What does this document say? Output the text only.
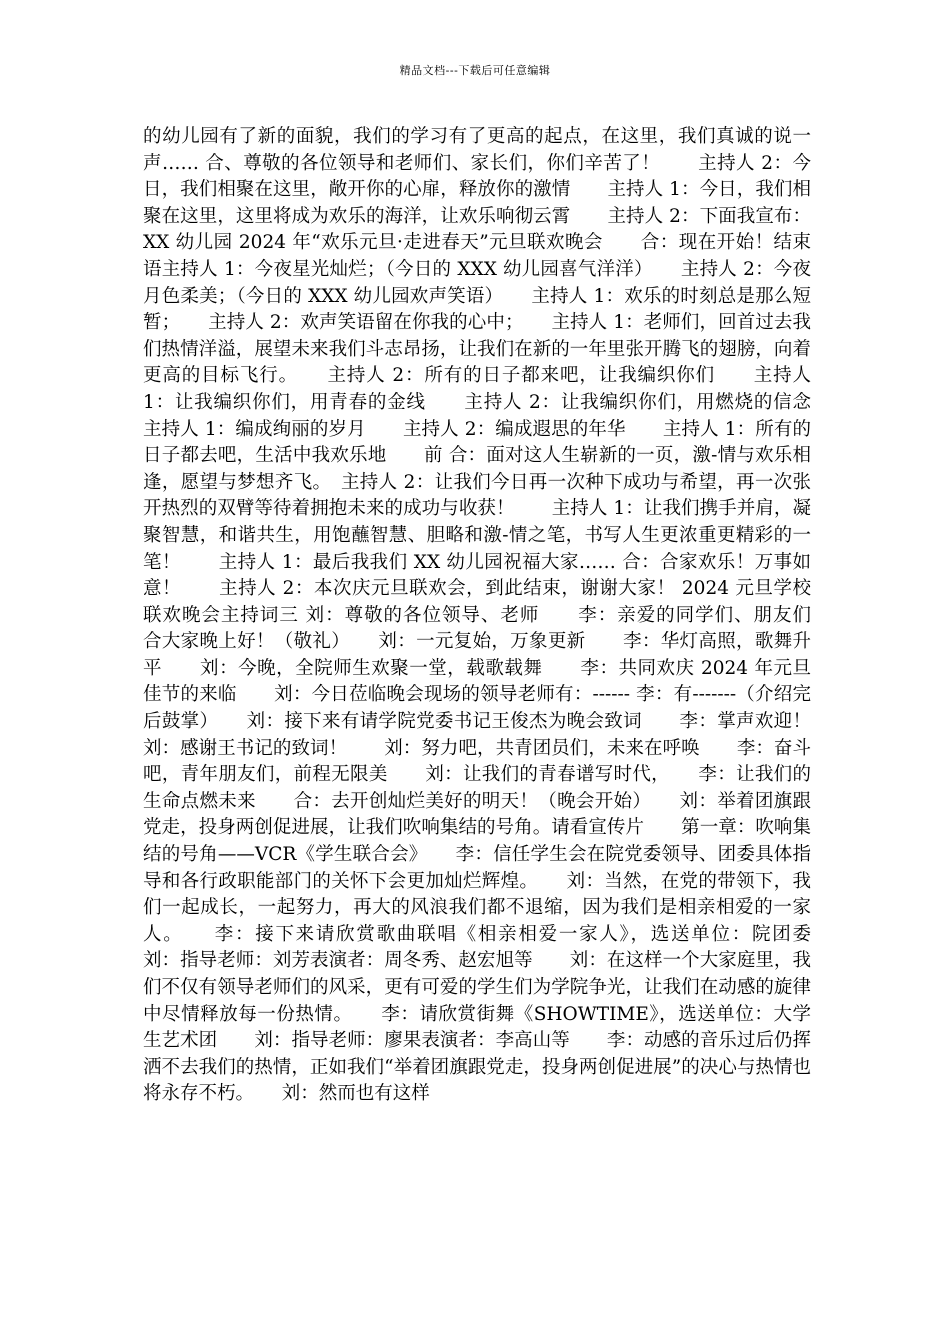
精品文档---下载后可任意编辑

的幼儿园有了新的面貌，我们的学习有了更高的起点，在这里，我们真诚的说一声…… 合、尊敬的各位领导和老师们、家长们，你们辛苦了！　　主持人 2：今日，我们相聚在这里，敞开你的心扉，释放你的激情　　主持人 1：今日，我们相聚在这里，这里将成为欢乐的海洋，让欢乐响彻云霄　　主持人 2：下面我宣布：XX 幼儿园 2024 年“欢乐元旦·走进春天”元旦联欢晚会　　合：现在开始！结束语主持人 1：今夜星光灿烂；（今日的 XXX 幼儿园喜气洋洋）　　主持人 2：今夜月色柔美；（今日的 XXX 幼儿园欢声笑语）　　主持人 1：欢乐的时刻总是那么短暂；　　主持人 2：欢声笑语留在你我的心中；　　主持人 1：老师们，回首过去我们热情洋溢，展望未来我们斗志昂扬，让我们在新的一年里张开腾飞的翅膀，向着更高的目标飞行。　　主持人 2：所有的日子都来吧，让我编织你们　　主持人 1：让我编织你们，用青春的金线　　主持人 2：让我编织你们，用燃烧的信念　　主持人 1：编成绚丽的岁月　　主持人 2：编成遐思的年华　　主持人 1：所有的日子都去吧，生活中我欢乐地　　前 合：面对这人生崭新的一页，激-情与欢乐相逢，愿望与梦想齐飞。　主持人 2：让我们今日再一次种下成功与希望，再一次张开热烈的双臂等待着拥抱未来的成功与收获！　　主持人 1：让我们携手并肩，凝聚智慧，和谐共生，用饱蘸智慧、胆略和激-情之笔，书写人生更浓重更精彩的一笔！　　主持人 1：最后我我们 XX 幼儿园祝福大家…… 合：合家欢乐！万事如意！　　主持人 2：本次庆元旦联欢会，到此结束，谢谢大家！ 2024 元旦学校联欢晚会主持词三 刘：尊敬的各位领导、老师　　李：亲爱的同学们、朋友们　　合大家晚上好！（敬礼）　　刘：一元复始，万象更新　　李：华灯高照，歌舞升平　　刘：今晚，全院师生欢聚一堂，载歌载舞　　李：共同欢庆 2024 年元旦佳节的来临　　刘：今日莅临晚会现场的领导老师有：------ 李：有-------（介绍完后鼓掌）　　刘：接下来有请学院党委书记王俊杰为晚会致词　　李：掌声欢迎！　　刘：感谢王书记的致词！　　刘：努力吧，共青团员们，未来在呼唤　　李：奋斗吧，青年朋友们，前程无限美　　刘：让我们的青春谱写时代，　　李：让我们的生命点燃未来　　合：去开创灿烂美好的明天！（晚会开始）　　刘：举着团旗跟党走，投身两创促进展，让我们吹响集结的号角。请看宣传片　　第一章：吹响集结的号角——VCR《学生联合会》　　李：信任学生会在院党委领导、团委具体指导和各行政职能部门的关怀下会更加灿烂辉煌。　　刘：当然，在党的带领下，我们一起成长，一起努力，再大的风浪我们都不退缩，因为我们是相亲相爱的一家人。　　李：接下来请欣赏歌曲联唱《相亲相爱一家人》，选送单位：院团委　　刘：指导老师：刘芳表演者：周冬秀、赵宏旭等　　刘：在这样一个大家庭里，我们不仅有领导老师们的风采，更有可爱的学生们为学院争光，让我们在动感的旋律中尽情释放每一份热情。　　李：请欣赏街舞《SHOWTIME》，选送单位：大学生艺术团　　刘：指导老师：廖果表演者：李高山等　　李：动感的音乐过后仍挥洒不去我们的热情，正如我们“举着团旗跟党走，投身两创促进展”的决心与热情也将永存不朽。　　刘：然而也有这样
